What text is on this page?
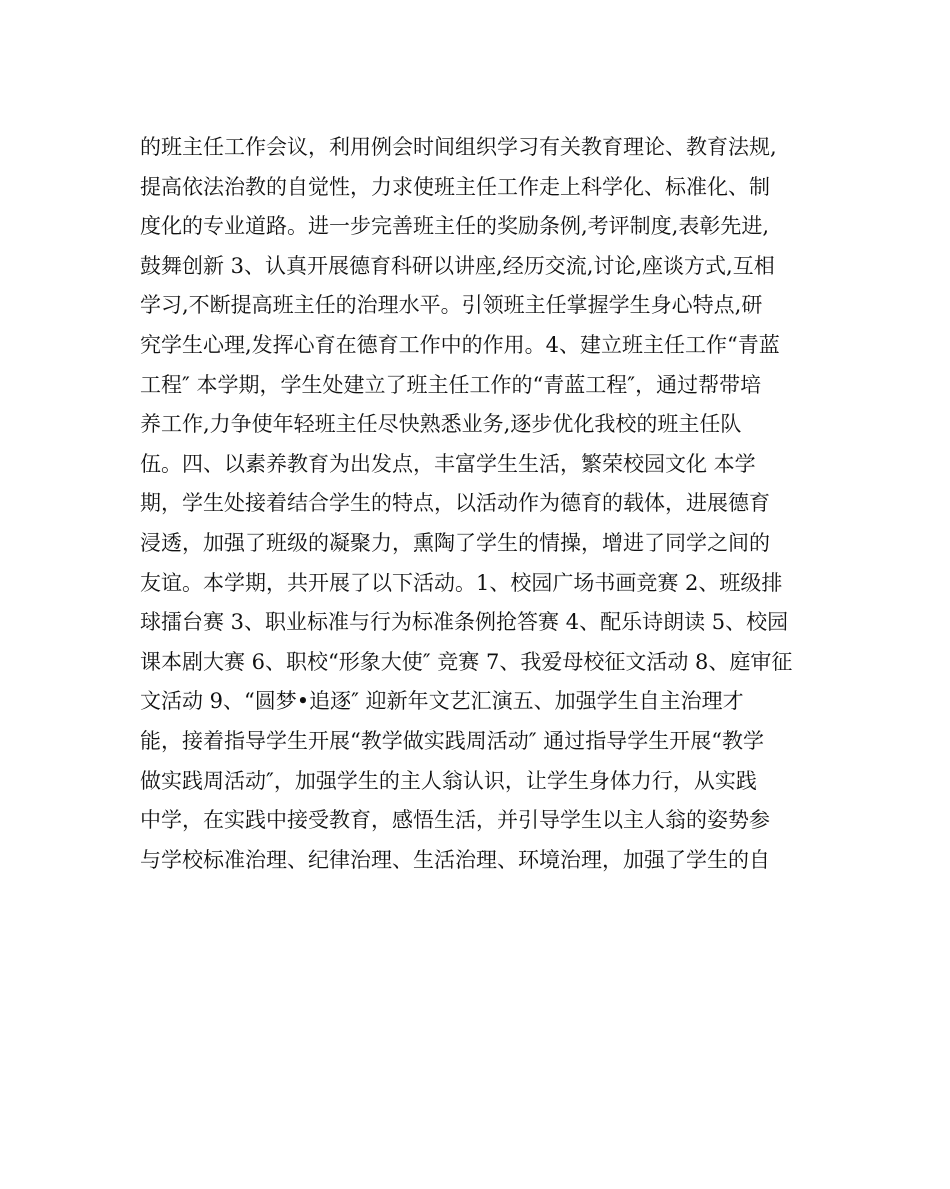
的班主任工作会议，利用例会时间组织学习有关教育理论、教育法规,
提高依法治教的自觉性，力求使班主任工作走上科学化、标准化、制
度化的专业道路。进一步完善班主任的奖励条例,考评制度,表彰先进,
鼓舞创新 3、认真开展德育科研以讲座,经历交流,讨论,座谈方式,互相
学习,不断提高班主任的治理水平。引领班主任掌握学生身心特点,研
究学生心理,发挥心育在德育工作中的作用。4、建立班主任工作“青蓝
工程″ 本学期，学生处建立了班主任工作的“青蓝工程″，通过帮带培
养工作,力争使年轻班主任尽快熟悉业务,逐步优化我校的班主任队
伍。四、以素养教育为出发点，丰富学生生活，繁荣校园文化 本学
期，学生处接着结合学生的特点，以活动作为德育的载体，进展德育
浸透，加强了班级的凝聚力，熏陶了学生的情操，增进了同学之间的
友谊。本学期，共开展了以下活动。1、校园广场书画竞赛 2、班级排
球擂台赛 3、职业标准与行为标准条例抢答赛 4、配乐诗朗读 5、校园
课本剧大赛 6、职校“形象大使″ 竞赛 7、我爱母校征文活动 8、庭审征
文活动 9、“圆梦•追逐″ 迎新年文艺汇演五、加强学生自主治理才
能，接着指导学生开展“教学做实践周活动″ 通过指导学生开展“教学
做实践周活动″，加强学生的主人翁认识，让学生身体力行，从实践
中学，在实践中接受教育，感悟生活，并引导学生以主人翁的姿势参
与学校标准治理、纪律治理、生活治理、环境治理，加强了学生的自
